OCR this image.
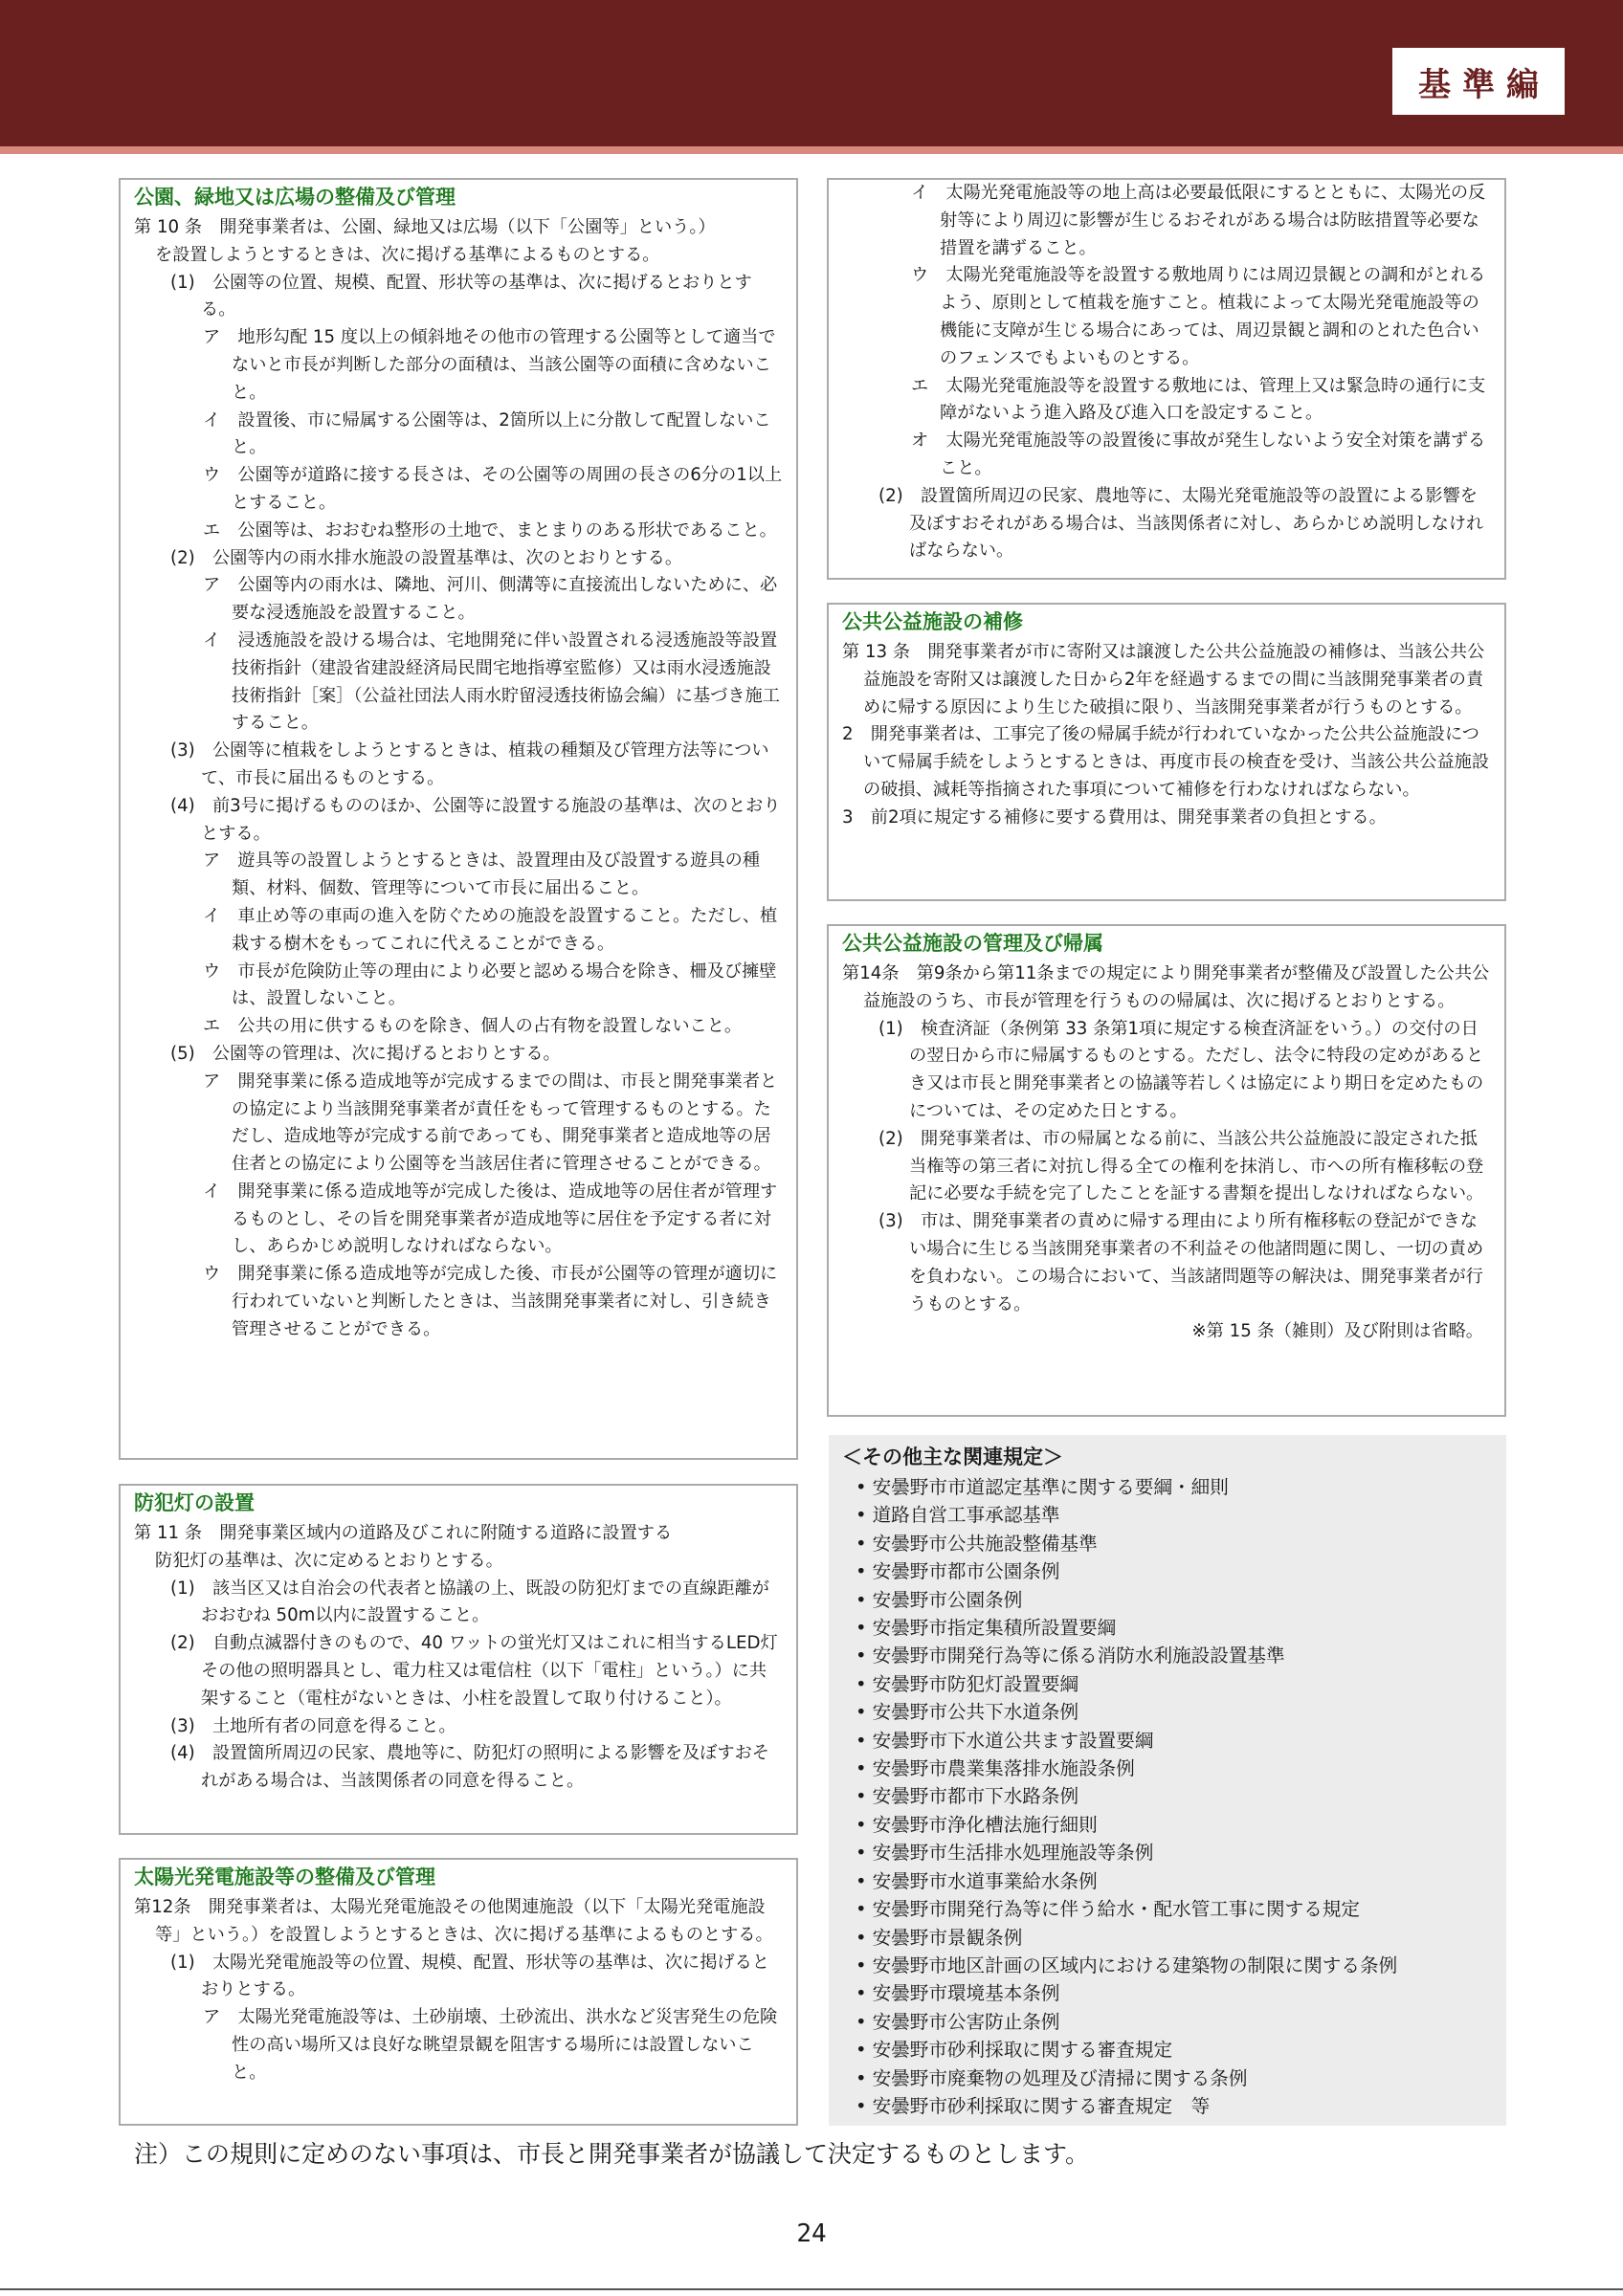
基準編
公園、緑地又は広場の整備及び管理

第 10 条　開発事業者は、公園、緑地又は広場（以下「公園等」という。）

を設置しようとするときは、次に掲げる基準によるものとする。

(1)　公園等の位置、規模、配置、形状等の基準は、次に掲げるとおりとする。

ア　地形勾配 15 度以上の傾斜地その他市の管理する公園等として適当でないと市長が判断した部分の面積は、当該公園等の面積に含めないこと。

イ　設置後、市に帰属する公園等は、2箇所以上に分散して配置しないこと。

ウ　公園等が道路に接する長さは、その公園等の周囲の長さの6分の1以上とすること。

エ　公園等は、おおむね整形の土地で、まとまりのある形状であること。

(2)　公園等内の雨水排水施設の設置基準は、次のとおりとする。

ア　公園等内の雨水は、隣地、河川、側溝等に直接流出しないために、必要な浸透施設を設置すること。

イ　浸透施設を設ける場合は、宅地開発に伴い設置される浸透施設等設置技術指針（建設省建設経済局民間宅地指導室監修）又は雨水浸透施設技術指針［案］（公益社団法人雨水貯留浸透技術協会編）に基づき施工すること。

(3)　公園等に植栽をしようとするときは、植栽の種類及び管理方法等について、市長に届出るものとする。

(4)　前3号に掲げるもののほか、公園等に設置する施設の基準は、次のとおりとする。

ア　遊具等の設置しようとするときは、設置理由及び設置する遊具の種類、材料、個数、管理等について市長に届出ること。

イ　車止め等の車両の進入を防ぐための施設を設置すること。ただし、植栽する樹木をもってこれに代えることができる。

ウ　市長が危険防止等の理由により必要と認める場合を除き、柵及び擁壁は、設置しないこと。

エ　公共の用に供するものを除き、個人の占有物を設置しないこと。

(5)　公園等の管理は、次に掲げるとおりとする。

ア　開発事業に係る造成地等が完成するまでの間は、市長と開発事業者との協定により当該開発事業者が責任をもって管理するものとする。ただし、造成地等が完成する前であっても、開発事業者と造成地等の居住者との協定により公園等を当該居住者に管理させることができる。

イ　開発事業に係る造成地等が完成した後は、造成地等の居住者が管理するものとし、その旨を開発事業者が造成地等に居住を予定する者に対し、あらかじめ説明しなければならない。

ウ　開発事業に係る造成地等が完成した後、市長が公園等の管理が適切に行われていないと判断したときは、当該開発事業者に対し、引き続き管理させることができる。

防犯灯の設置

第 11 条　開発事業区域内の道路及びこれに附随する道路に設置する

防犯灯の基準は、次に定めるとおりとする。

(1)　該当区又は自治会の代表者と協議の上、既設の防犯灯までの直線距離がおおむね 50m以内に設置すること。

(2)　自動点滅器付きのもので、40 ワットの蛍光灯又はこれに相当するLED灯その他の照明器具とし、電力柱又は電信柱（以下「電柱」という。）に共架すること（電柱がないときは、小柱を設置して取り付けること）。

(3)　土地所有者の同意を得ること。

(4)　設置箇所周辺の民家、農地等に、防犯灯の照明による影響を及ぼすおそれがある場合は、当該関係者の同意を得ること。

太陽光発電施設等の整備及び管理

第12条　開発事業者は、太陽光発電施設その他関連施設（以下「太陽光発電施設等」という。）を設置しようとするときは、次に掲げる基準によるものとする。

(1)　太陽光発電施設等の位置、規模、配置、形状等の基準は、次に掲げるとおりとする。

ア　太陽光発電施設等は、土砂崩壊、土砂流出、洪水など災害発生の危険性の高い場所又は良好な眺望景観を阻害する場所には設置しないこと。

イ　太陽光発電施設等の地上高は必要最低限にするとともに、太陽光の反射等により周辺に影響が生じるおそれがある場合は防眩措置等必要な措置を講ずること。

ウ　太陽光発電施設等を設置する敷地周りには周辺景観との調和がとれるよう、原則として植栽を施すこと。植栽によって太陽光発電施設等の機能に支障が生じる場合にあっては、周辺景観と調和のとれた色合いのフェンスでもよいものとする。

エ　太陽光発電施設等を設置する敷地には、管理上又は緊急時の通行に支障がないよう進入路及び進入口を設定すること。

オ　太陽光発電施設等の設置後に事故が発生しないよう安全対策を講ずること。

(2)　設置箇所周辺の民家、農地等に、太陽光発電施設等の設置による影響を及ぼすおそれがある場合は、当該関係者に対し、あらかじめ説明しなければならない。

公共公益施設の補修

第 13 条　開発事業者が市に寄附又は譲渡した公共公益施設の補修は、当該公共公益施設を寄附又は譲渡した日から2年を経過するまでの間に当該開発事業者の責めに帰する原因により生じた破損に限り、当該開発事業者が行うものとする。

2　開発事業者は、工事完了後の帰属手続が行われていなかった公共公益施設について帰属手続をしようとするときは、再度市長の検査を受け、当該公共公益施設の破損、減耗等指摘された事項について補修を行わなければならない。

3　前2項に規定する補修に要する費用は、開発事業者の負担とする。

公共公益施設の管理及び帰属

第14条　第9条から第11条までの規定により開発事業者が整備及び設置した公共公益施設のうち、市長が管理を行うものの帰属は、次に掲げるとおりとする。

(1)　検査済証（条例第 33 条第1項に規定する検査済証をいう。）の交付の日の翌日から市に帰属するものとする。ただし、法令に特段の定めがあるとき又は市長と開発事業者との協議等若しくは協定により期日を定めたものについては、その定めた日とする。

(2)　開発事業者は、市の帰属となる前に、当該公共公益施設に設定された抵当権等の第三者に対抗し得る全ての権利を抹消し、市への所有権移転の登記に必要な手続を完了したことを証する書類を提出しなければならない。

(3)　市は、開発事業者の責めに帰する理由により所有権移転の登記ができない場合に生じる当該開発事業者の不利益その他諸問題に関し、一切の責めを負わない。この場合において、当該諸問題等の解決は、開発事業者が行うものとする。

※第 15 条（雑則）及び附則は省略。

＜その他主な関連規定＞
• 安曇野市市道認定基準に関する要綱・細則
• 道路自営工事承認基準
• 安曇野市公共施設整備基準
• 安曇野市都市公園条例
• 安曇野市公園条例
• 安曇野市指定集積所設置要綱
• 安曇野市開発行為等に係る消防水利施設設置基準
• 安曇野市防犯灯設置要綱
• 安曇野市公共下水道条例
• 安曇野市下水道公共ます設置要綱
• 安曇野市農業集落排水施設条例
• 安曇野市都市下水路条例
• 安曇野市浄化槽法施行細則
• 安曇野市生活排水処理施設等条例
• 安曇野市水道事業給水条例
• 安曇野市開発行為等に伴う給水・配水管工事に関する規定
• 安曇野市景観条例
• 安曇野市地区計画の区域内における建築物の制限に関する条例
• 安曇野市環境基本条例
• 安曇野市公害防止条例
• 安曇野市砂利採取に関する審査規定
• 安曇野市廃棄物の処理及び清掃に関する条例
• 安曇野市砂利採取に関する審査規定　等
注）この規則に定めのない事項は、市長と開発事業者が協議して決定するものとします。
24
